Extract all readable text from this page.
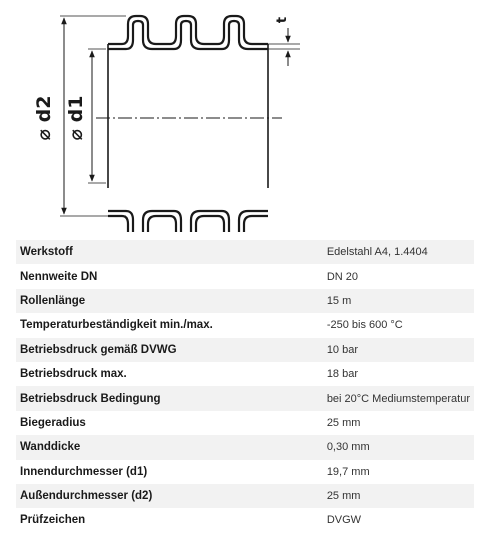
⌀ d2 ⌀ d1
t
Werkstoff	Edelstahl A4, 1.4404
Nennweite DN	DN 20
Rollenlänge	15 m
Temperaturbeständigkeit min./max.	-250 bis 600 °C
Betriebsdruck gemäß DVWG	10 bar
Betriebsdruck max.	18 bar
Betriebsdruck Bedingung	bei 20°C Mediumstemperatur
Biegeradius	25 mm
Wanddicke	0,30 mm
Innendurchmesser (d1)	19,7 mm
Außendurchmesser (d2)	25 mm
Prüfzeichen	DVGW
